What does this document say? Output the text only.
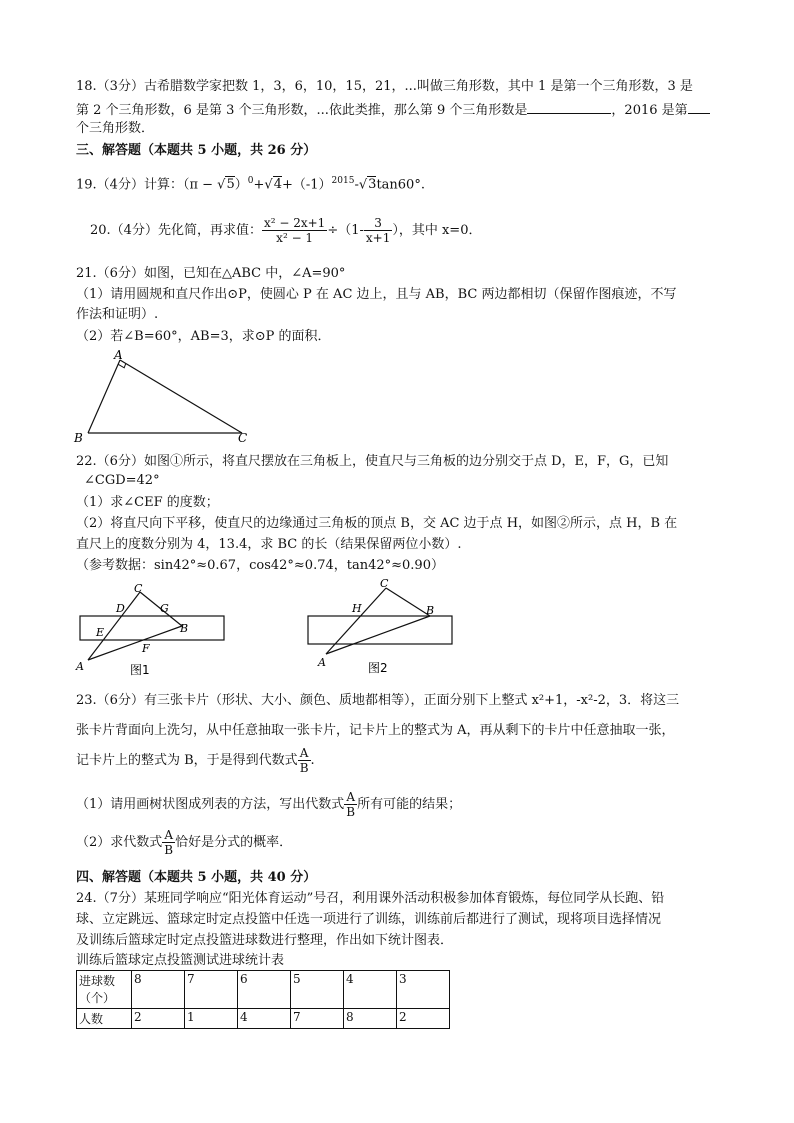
18.（3分）古希腊数学家把数 1，3，6，10，15，21，...叫做三角形数，其中 1 是第一个三角形数，3 是
第 2 个三角形数，6 是第 3 个三角形数，...依此类推，那么第 9 个三角形数是	，2016 是第
个三角形数．
三、解答题（本题共 5 小题，共 26 分）
19.（4分）计算：$(\pi - √5)^0+√4+(-1)^{2015}-√3\tan 60^\circ$.
20.（4分）先化简，再求值： $\frac{\text{x² − 2x+1}}{\text{x² − 1}} \div(1- \frac{3}{x+1}$ ），其中 x=0．
21.（6分）如图，已知在△ABC 中，∠A=90°
（1）请用圆规和直尺作出⊙P，使圆心 P 在 AC 边上，且与 AB，BC 两边都相切（保留作图痕迹，不写
作法和证明）.
（2）若∠B=60°，AB=3，求⊙P 的面积．
A
B	C
22.（6分）如图①所示，将直尺摆放在三角板上，使直尺与三角板的边分别交于点 D，E，F，G，已知
∠CGD=42°
（1）求∠CEF 的度数；
（2）将直尺向下平移，使直尺的边缘通过三角板的顶点 B，交 AC 边于点 H，如图②所示，点 H，B 在
直尺上的度数分别为 4，13.4，求 BC 的长（结果保留两位小数）.
（参考数据：sin42°≈0.67，cos42°≈0.74，tan42°≈0.90）
C
D	G
E	B
F
A	图1
C
H	B
A	图2
23.（6分）有三张卡片（形状、大小、颜色、质地都相等），正面分别下上整式 x²+1，-x²-2，3．将这三
张卡片背面向上洗匀，从中任意抽取一张卡片，记卡片上的整式为 A，再从剩下的卡片中任意抽取一张，
记卡片上的整式为 B，于是得到代数式 $\frac{A}{B}$ .
（1）请用画树状图成列表的方法，写出代数式 $\frac{A}{B}$ 所有可能的结果；
（2）求代数式 $\frac{A}{B}$ 恰好是分式的概率．
四、解答题（本题共 5 小题，共 40 分）
24.（7分）某班同学响应“阳光体育运动”号召，利用课外活动积极参加体育锻炼，每位同学从长跑、铅
球、立定跳远、篮球定时定点投篮中任选一项进行了训练，训练前后都进行了测试，现将项目选择情况
及训练后篮球定时定点投篮进球数进行整理，作出如下统计图表．
训练后篮球定点投篮测试进球统计表
进球数（个）	8	7	6	5	4	3
人数	2	1	4	7	8	2
